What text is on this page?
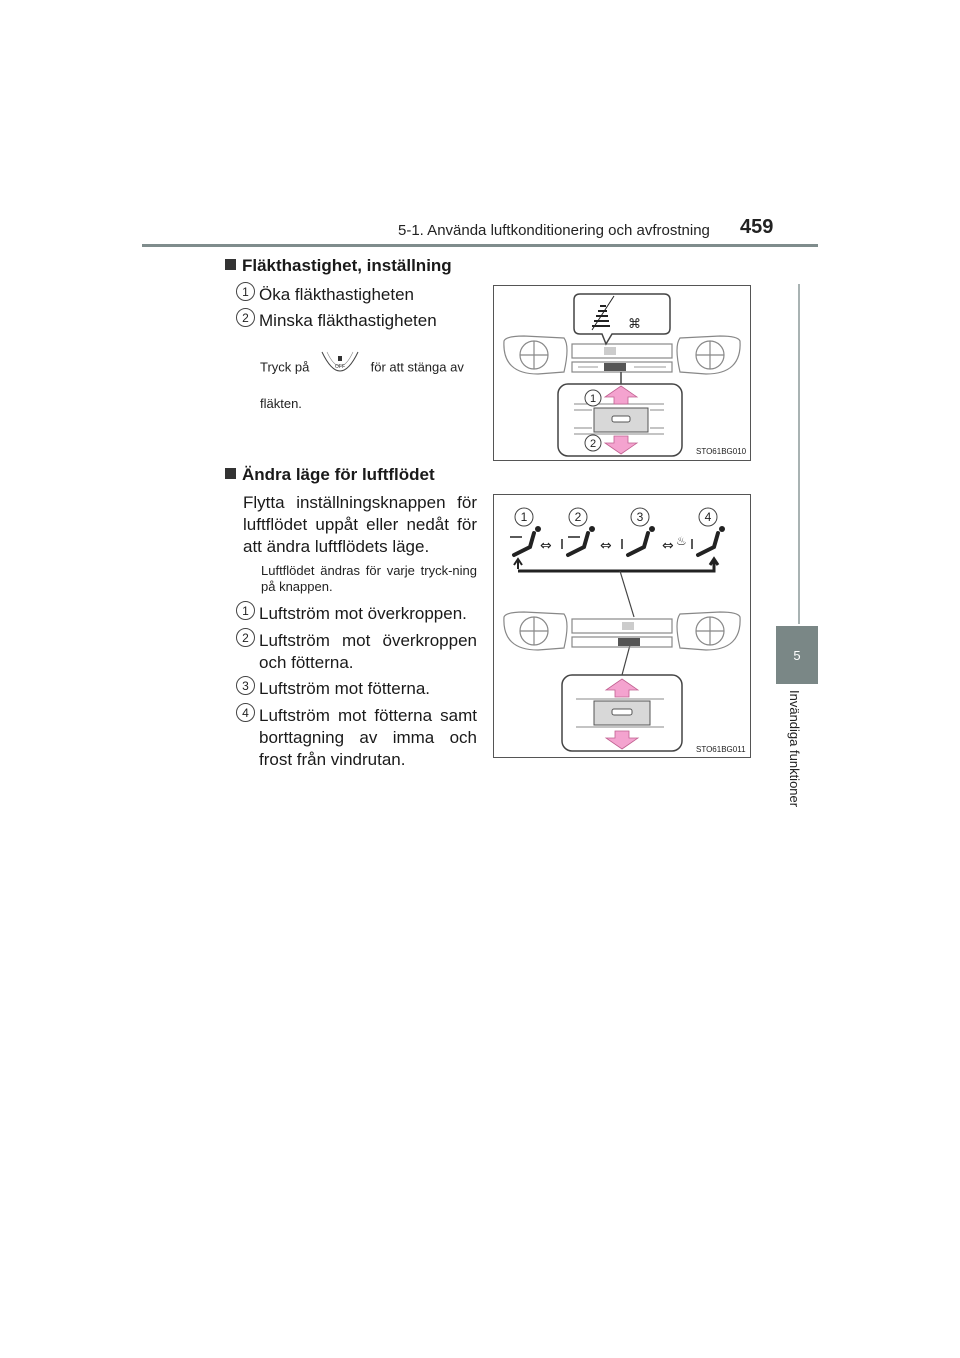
5-1. Använda luftkonditionering och avfrostning 459
5
Invändiga funktioner
Fläkthastighet, inställning
1 Öka fläkthastigheten
2 Minska fläkthastigheten
Tryck på	OFF för att stänga av
fläkten.
⌘
1
2
STO61BG010
Ändra läge för luftflödet
Flytta inställningsknappen för luftflödet uppåt eller nedåt för att ändra luftflödets läge.
Luftflödet ändras för varje tryck-ning på knappen.
1 Luftström mot överkroppen.
2 Luftström mot överkroppen och fötterna.
3 Luftström mot fötterna.
4 Luftström mot fötterna samt borttagning av imma och frost från vindrutan.
1	2	3	4
⇔	⇔	⇔ ♨
STO61BG011
